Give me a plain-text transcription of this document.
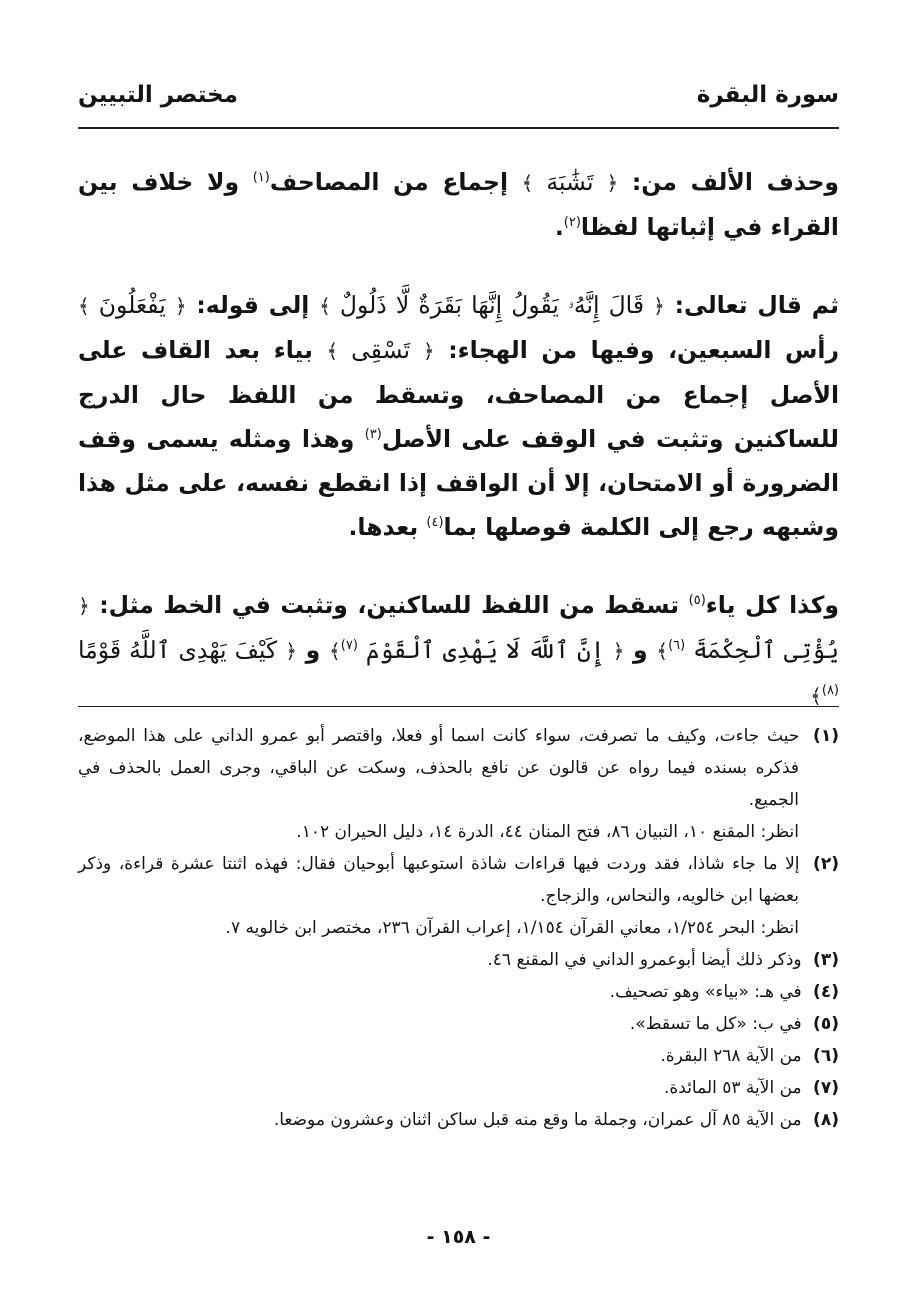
سورة البقرة
مختصر التبيين

وحذف الألف من: ﴿ تَشَٰبَهَ ﴾ إجماع من المصاحف$^{(١)}$ ولا خلاف بين القراء في إثباتها لفظا$^{(٢)}$.

ثم قال تعالى: ﴿ قَالَ إِنَّهُۥ يَقُولُ إِنَّهَا بَقَرَةٌ لَّا ذَلُولٌ ﴾ إلى قوله: ﴿ يَفْعَلُونَ ﴾ رأس السبعين، وفيها من الهجاء: ﴿ تَسْقِى ﴾ بياء بعد القاف على الأصل إجماع من المصاحف، وتسقط من اللفظ حال الدرج للساكنين وتثبت في الوقف على الأصل$^{(٣)}$ وهذا ومثله يسمى وقف الضرورة أو الامتحان، إلا أن الواقف إذا انقطع نفسه، على مثل هذا وشبهه رجع إلى الكلمة فوصلها بما$^{(٤)}$ بعدها.

وكذا كل ياء$^{(٥)}$ تسقط من اللفظ للساكنين، وتثبت في الخط مثل: ﴿ يُؤْتِى ٱلْحِكْمَةَ $^{(٦)}$﴾ و ﴿ إِنَّ ٱللَّهَ لَا يَهْدِى ٱلْقَوْمَ $^{(٧)}$﴾ و ﴿ كَيْفَ يَهْدِى ٱللَّهُ قَوْمًا $^{(٨)}$﴾

(١) حيث جاءت، وكيف ما تصرفت، سواء كانت اسما أو فعلا، واقتصر أبو عمرو الداني على هذا الموضع، فذكره بسنده فيما رواه عن قالون عن نافع بالحذف، وسكت عن الباقي، وجرى العمل بالحذف في الجميع.

انظر: المقنع ١٠، التبيان ٨٦، فتح المنان ٤٤، الدرة ١٤، دليل الحيران ١٠٢.

(٢) إلا ما جاء شاذا، فقد وردت فيها قراءات شاذة استوعبها أبوحيان فقال: فهذه اثنتا عشرة قراءة، وذكر بعضها ابن خالويه، والنحاس، والزجاج.

انظر: البحر ١/٢٥٤، معاني القرآن ١/١٥٤، إعراب القرآن ٢٣٦، مختصر ابن خالويه ٧.

(٣) وذكر ذلك أيضا أبوعمرو الداني في المقنع ٤٦.

(٤) في هـ: «بياء» وهو تصحيف.

(٥) في ب: «كل ما تسقط».

(٦) من الآية ٢٦٨ البقرة.

(٧) من الآية ٥٣ المائدة.

(٨) من الآية ٨٥ آل عمران، وجملة ما وقع منه قبل ساكن اثنان وعشرون موضعا.

- ١٥٨ -
